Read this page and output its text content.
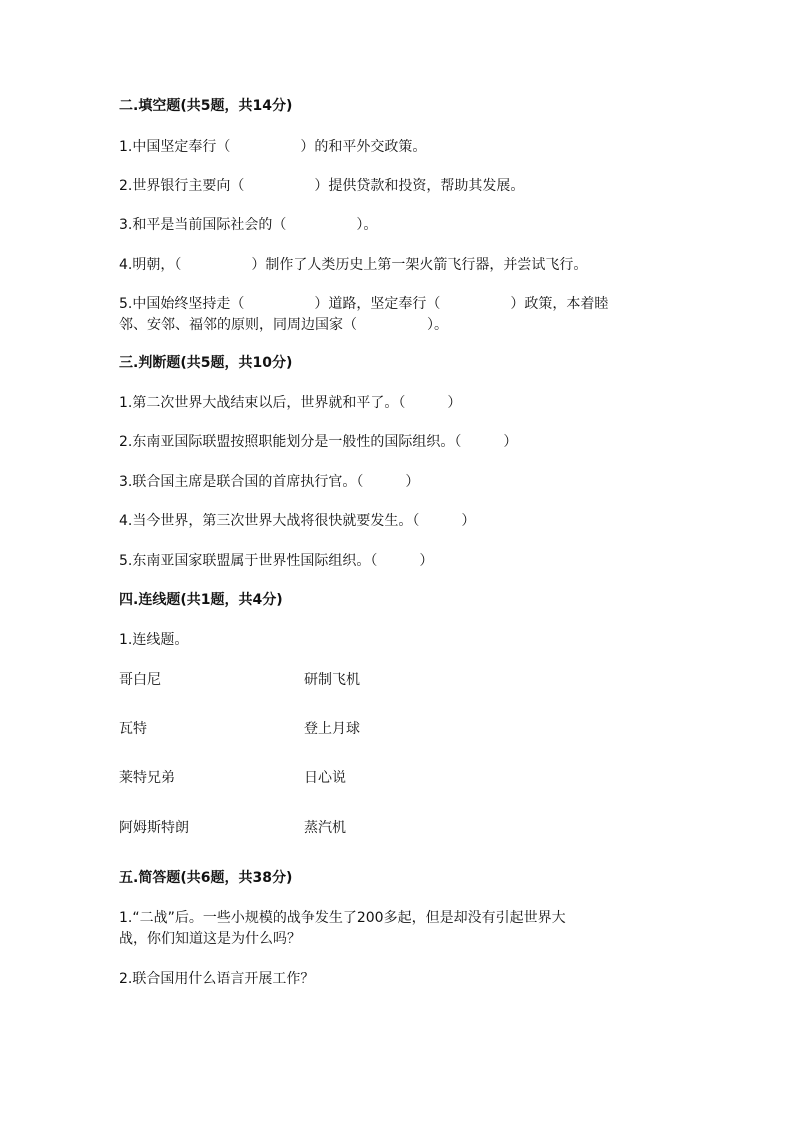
二.填空题(共5题，共14分)
1.中国坚定奉行（　　　　　）的和平外交政策。
2.世界银行主要向（　　　　　）提供贷款和投资，帮助其发展。
3.和平是当前国际社会的（　　　　　）。
4.明朝，（　　　　　）制作了人类历史上第一架火箭飞行器，并尝试飞行。
5.中国始终坚持走（　　　　　）道路，坚定奉行（　　　　　）政策，本着睦
邻、安邻、福邻的原则，同周边国家（　　　　　）。
三.判断题(共5题，共10分)
1.第二次世界大战结束以后，世界就和平了。（　　　）
2.东南亚国际联盟按照职能划分是一般性的国际组织。（　　　）
3.联合国主席是联合国的首席执行官。（　　　）
4.当今世界，第三次世界大战将很快就要发生。（　　　）
5.东南亚国家联盟属于世界性国际组织。（　　　）
四.连线题(共1题，共4分)
1.连线题。
哥白尼	研制飞机
瓦特	登上月球
莱特兄弟	日心说
阿姆斯特朗	蒸汽机
五.简答题(共6题，共38分)
1.“二战”后。一些小规模的战争发生了200多起，但是却没有引起世界大
战，你们知道这是为什么吗？
2.联合国用什么语言开展工作？
